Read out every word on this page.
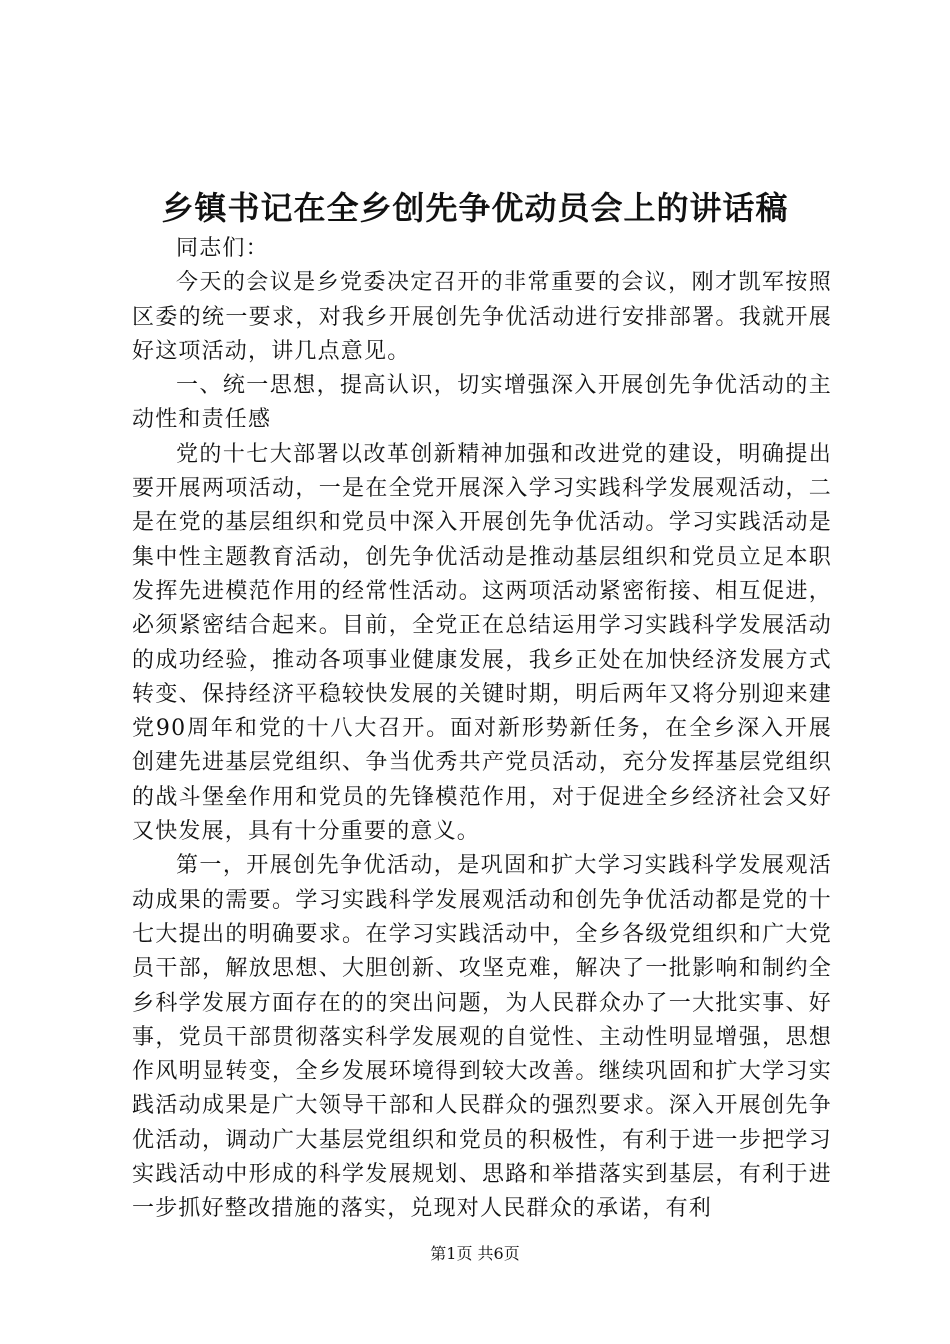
乡镇书记在全乡创先争优动员会上的讲话稿

同志们：

今天的会议是乡党委决定召开的非常重要的会议，刚才凯军按照区委的统一要求，对我乡开展创先争优活动进行安排部署。我就开展好这项活动，讲几点意见。

一、统一思想，提高认识，切实增强深入开展创先争优活动的主动性和责任感

党的十七大部署以改革创新精神加强和改进党的建设，明确提出要开展两项活动，一是在全党开展深入学习实践科学发展观活动，二是在党的基层组织和党员中深入开展创先争优活动。学习实践活动是集中性主题教育活动，创先争优活动是推动基层组织和党员立足本职发挥先进模范作用的经常性活动。这两项活动紧密衔接、相互促进，必须紧密结合起来。目前，全党正在总结运用学习实践科学发展活动的成功经验，推动各项事业健康发展，我乡正处在加快经济发展方式转变、保持经济平稳较快发展的关键时期，明后两年又将分别迎来建党90周年和党的十八大召开。面对新形势新任务，在全乡深入开展创建先进基层党组织、争当优秀共产党员活动，充分发挥基层党组织的战斗堡垒作用和党员的先锋模范作用，对于促进全乡经济社会又好又快发展，具有十分重要的意义。

第一，开展创先争优活动，是巩固和扩大学习实践科学发展观活动成果的需要。学习实践科学发展观活动和创先争优活动都是党的十七大提出的明确要求。在学习实践活动中，全乡各级党组织和广大党员干部，解放思想、大胆创新、攻坚克难，解决了一批影响和制约全乡科学发展方面存在的的突出问题，为人民群众办了一大批实事、好事，党员干部贯彻落实科学发展观的自觉性、主动性明显增强，思想作风明显转变，全乡发展环境得到较大改善。继续巩固和扩大学习实践活动成果是广大领导干部和人民群众的强烈要求。深入开展创先争优活动，调动广大基层党组织和党员的积极性，有利于进一步把学习实践活动中形成的科学发展规划、思路和举措落实到基层，有利于进一步抓好整改措施的落实，兑现对人民群众的承诺，有利

第1页 共6页
